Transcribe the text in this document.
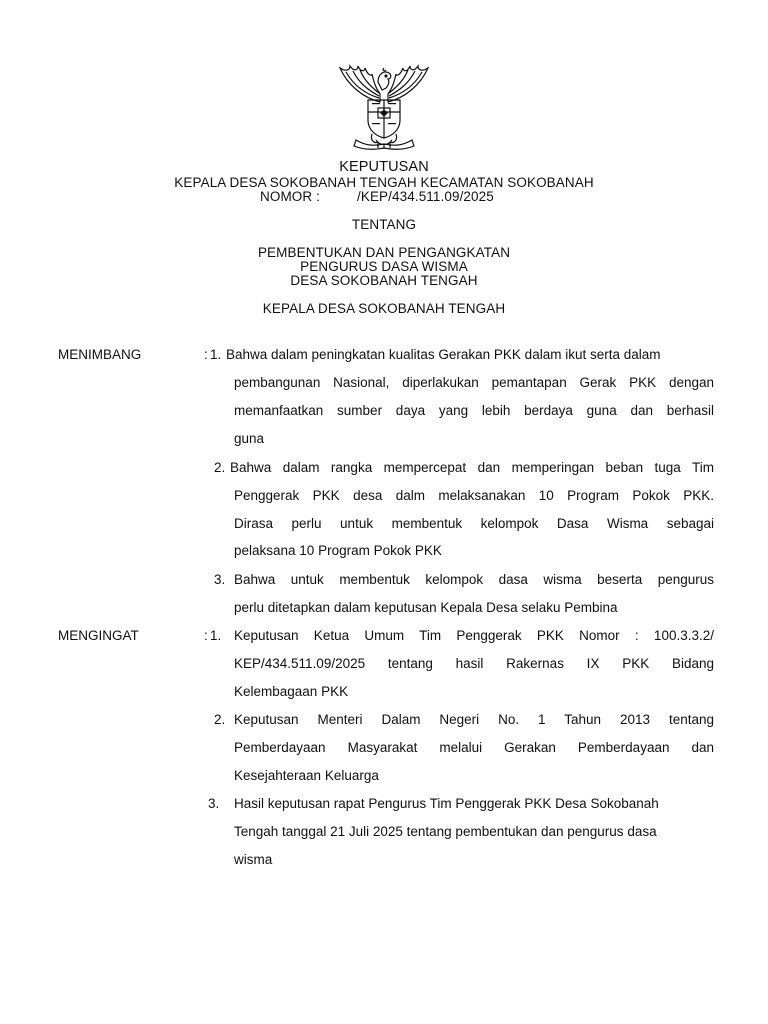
KEPUTUSAN
KEPALA DESA SOKOBANAH TENGAH KECAMATAN SOKOBANAH
NOMOR :	/KEP/434.511.09/2025
TENTANG
PEMBENTUKAN DAN PENGANGKATAN
PENGURUS DASA WISMA
DESA SOKOBANAH TENGAH
KEPALA DESA SOKOBANAH TENGAH
MENIMBANG	: 1. Bahwa dalam peningkatan kualitas Gerakan PKK dalam ikut serta dalam
pembangunan Nasional, diperlakukan pemantapan Gerak PKK dengan
memanfaatkan sumber daya yang lebih berdaya guna dan berhasil
guna
2. Bahwa dalam rangka mempercepat dan memperingan beban tuga Tim
Penggerak PKK desa dalm melaksanakan 10 Program Pokok PKK.
Dirasa perlu untuk membentuk kelompok Dasa Wisma sebagai
pelaksana 10 Program Pokok PKK
3. Bahwa untuk membentuk kelompok dasa wisma beserta pengurus
perlu ditetapkan dalam keputusan Kepala Desa selaku Pembina
MENGINGAT	: 1. Keputusan Ketua Umum Tim Penggerak PKK Nomor : 100.3.3.2/
KEP/434.511.09/2025 tentang hasil Rakernas IX PKK Bidang
Kelembagaan PKK
2. Keputusan Menteri Dalam Negeri No. 1 Tahun 2013 tentang
Pemberdayaan Masyarakat melalui Gerakan Pemberdayaan dan
Kesejahteraan Keluarga
3. Hasil keputusan rapat Pengurus Tim Penggerak PKK Desa Sokobanah
Tengah tanggal 21 Juli 2025 tentang pembentukan dan pengurus dasa
wisma
